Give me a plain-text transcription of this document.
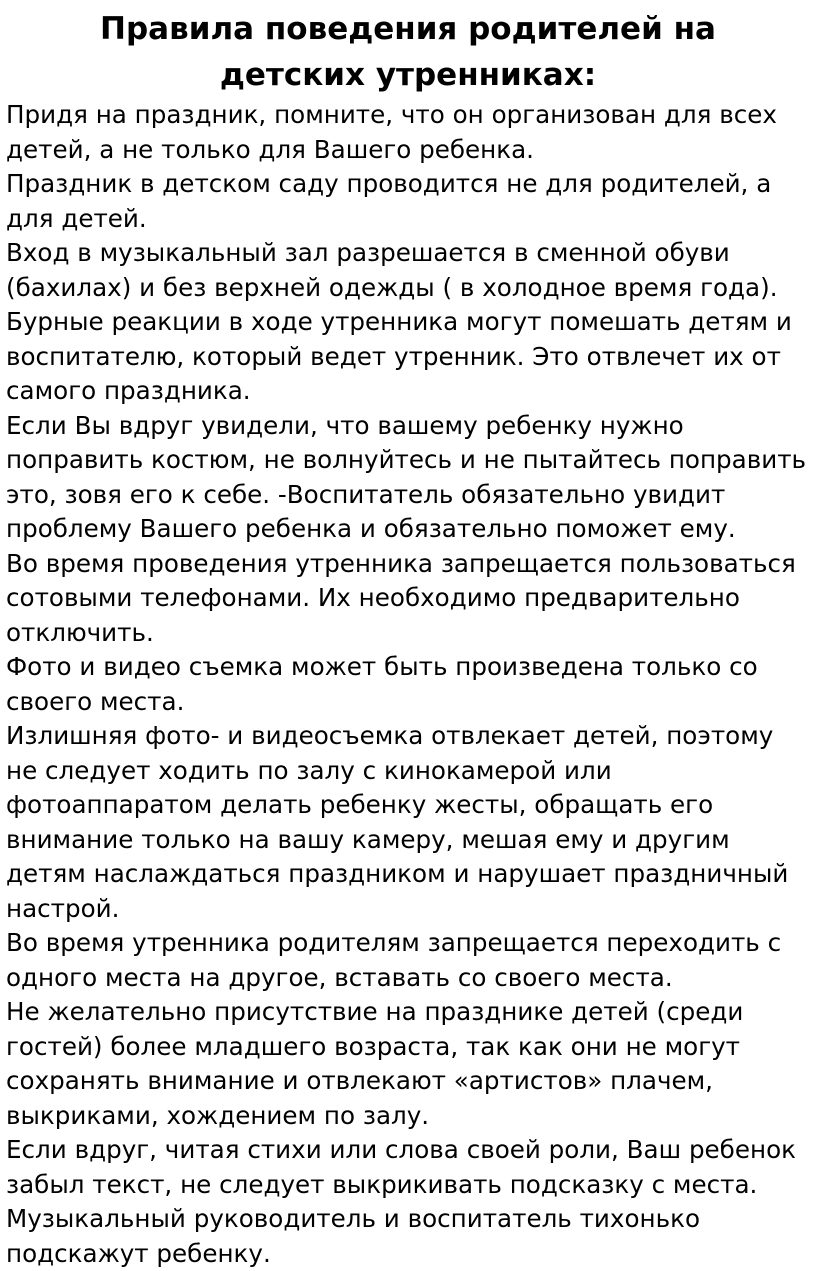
Правила поведения родителей на детских утренниках:

Придя на праздник, помните, что он организован для всех детей, а не только для Вашего ребенка.

Праздник в детском саду проводится не для родителей, а для детей.

Вход в музыкальный зал разрешается в сменной обуви (бахилах) и без верхней одежды ( в холодное время года).

Бурные реакции в ходе утренника могут помешать детям и воспитателю, который ведет утренник. Это отвлечет их от самого праздника.

Если Вы вдруг увидели, что вашему ребенку нужно поправить костюм, не волнуйтесь и не пытайтесь поправить это, зовя его к себе. -Воспитатель обязательно увидит проблему Вашего ребенка и обязательно поможет ему.

Во время проведения утренника запрещается пользоваться сотовыми телефонами. Их необходимо предварительно отключить.

Фото и видео съемка может быть произведена только со своего места.

Излишняя фото- и видеосъемка отвлекает детей, поэтому не следует ходить по залу с кинокамерой или фотоаппаратом делать ребенку жесты, обращать его внимание только на вашу камеру, мешая ему и другим детям наслаждаться праздником и нарушает праздничный настрой.

Во время утренника родителям запрещается переходить с одного места на другое, вставать со своего места.

Не желательно присутствие на празднике детей (среди гостей) более младшего возраста, так как они не могут сохранять внимание и отвлекают «артистов» плачем, выкриками, хождением по залу.

Если вдруг, читая стихи или слова своей роли, Ваш ребенок забыл текст, не следует выкрикивать подсказку с места. Музыкальный руководитель и воспитатель тихонько подскажут ребенку.
